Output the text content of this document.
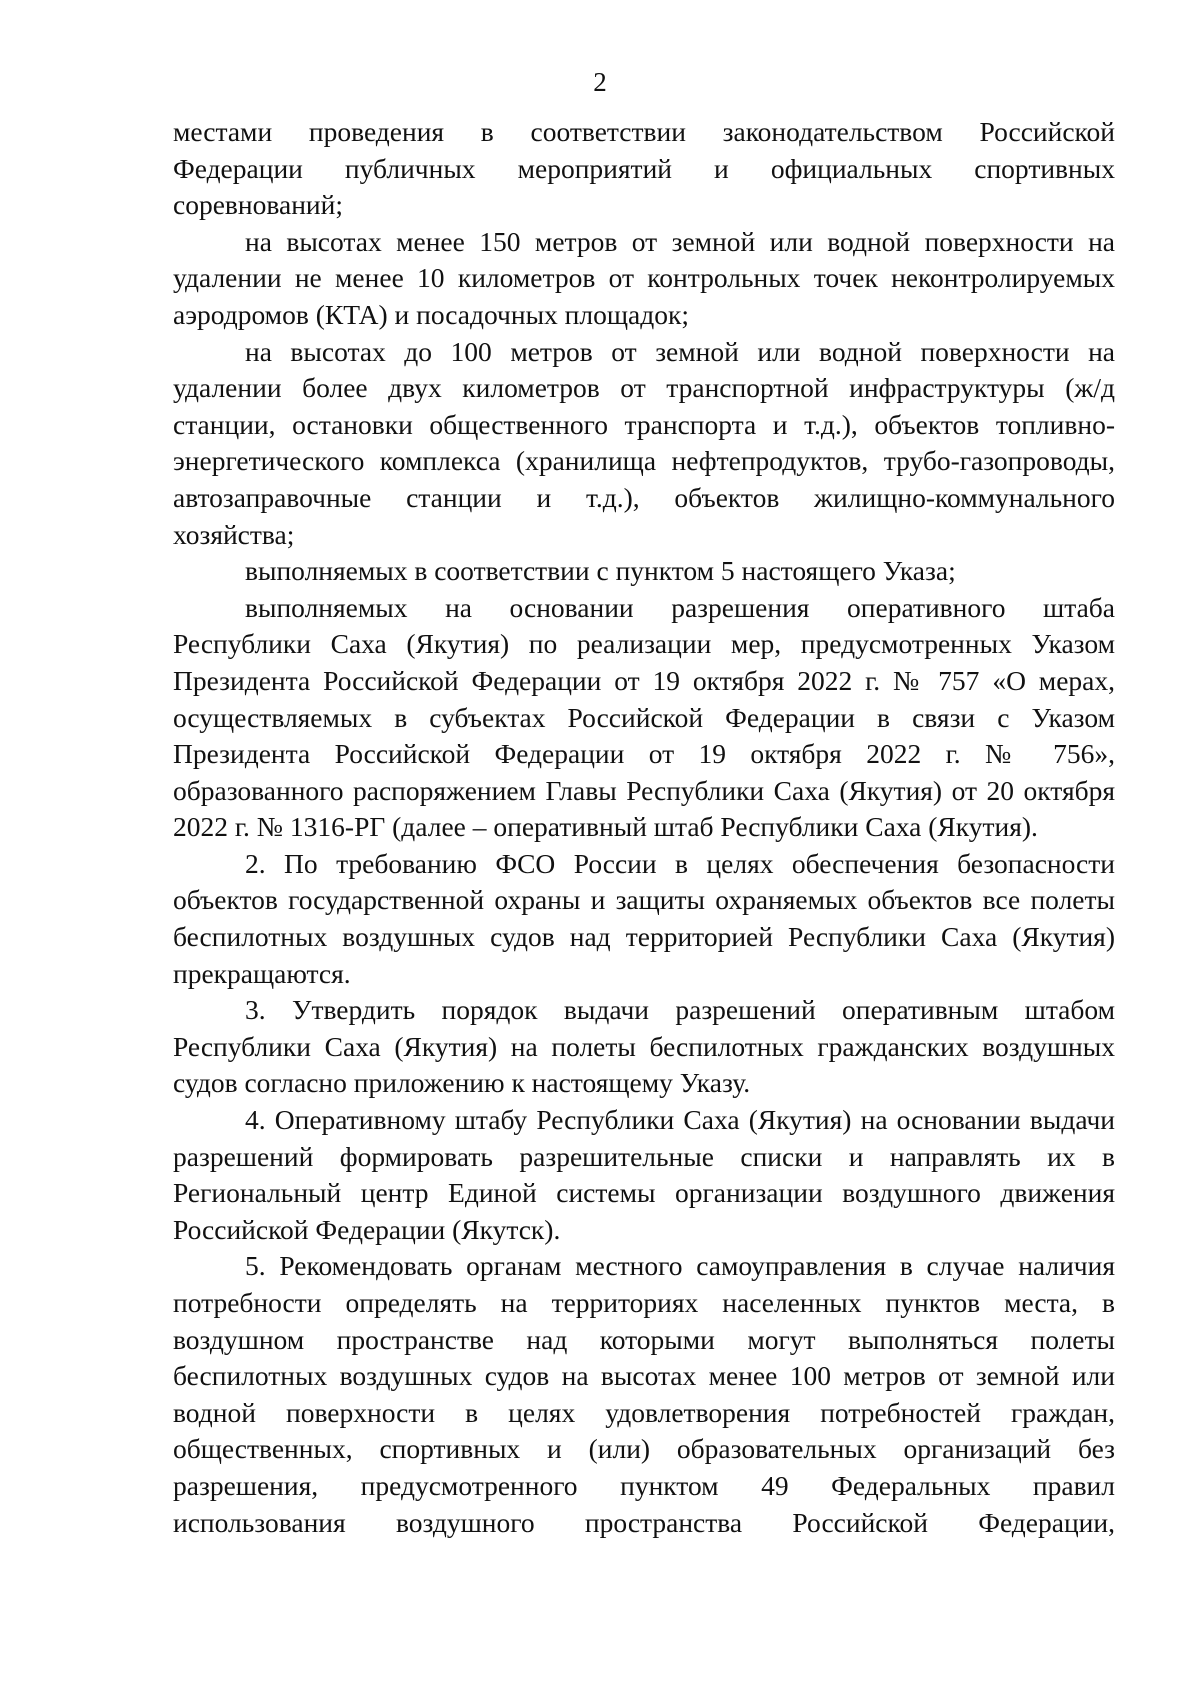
2
местами проведения в соответствии законодательством Российской
Федерации публичных мероприятий и официальных спортивных
соревнований;
на высотах менее 150 метров от земной или водной поверхности на
удалении не менее 10 километров от контрольных точек неконтролируемых
аэродромов (КТА) и посадочных площадок;
на высотах до 100 метров от земной или водной поверхности на
удалении более двух километров от транспортной инфраструктуры (ж/д
станции, остановки общественного транспорта и т.д.), объектов топливно-
энергетического комплекса (хранилища нефтепродуктов, трубо-газопроводы,
автозаправочные станции и т.д.), объектов жилищно-коммунального
хозяйства;
выполняемых в соответствии с пунктом 5 настоящего Указа;
выполняемых на основании разрешения оперативного штаба
Республики Саха (Якутия) по реализации мер, предусмотренных Указом
Президента Российской Федерации от 19 октября 2022 г. № 757 «О мерах,
осуществляемых в субъектах Российской Федерации в связи с Указом
Президента Российской Федерации от 19 октября 2022 г. № 756»,
образованного распоряжением Главы Республики Саха (Якутия) от 20 октября
2022 г. № 1316-РГ (далее – оперативный штаб Республики Саха (Якутия).
2. По требованию ФСО России в целях обеспечения безопасности
объектов государственной охраны и защиты охраняемых объектов все полеты
беспилотных воздушных судов над территорией Республики Саха (Якутия)
прекращаются.
3. Утвердить порядок выдачи разрешений оперативным штабом
Республики Саха (Якутия) на полеты беспилотных гражданских воздушных
судов согласно приложению к настоящему Указу.
4. Оперативному штабу Республики Саха (Якутия) на основании выдачи
разрешений формировать разрешительные списки и направлять их в
Региональный центр Единой системы организации воздушного движения
Российской Федерации (Якутск).
5. Рекомендовать органам местного самоуправления в случае наличия
потребности определять на территориях населенных пунктов места, в
воздушном пространстве над которыми могут выполняться полеты
беспилотных воздушных судов на высотах менее 100 метров от земной или
водной поверхности в целях удовлетворения потребностей граждан,
общественных, спортивных и (или) образовательных организаций без
разрешения, предусмотренного пунктом 49 Федеральных правил
использования воздушного пространства Российской Федерации,
